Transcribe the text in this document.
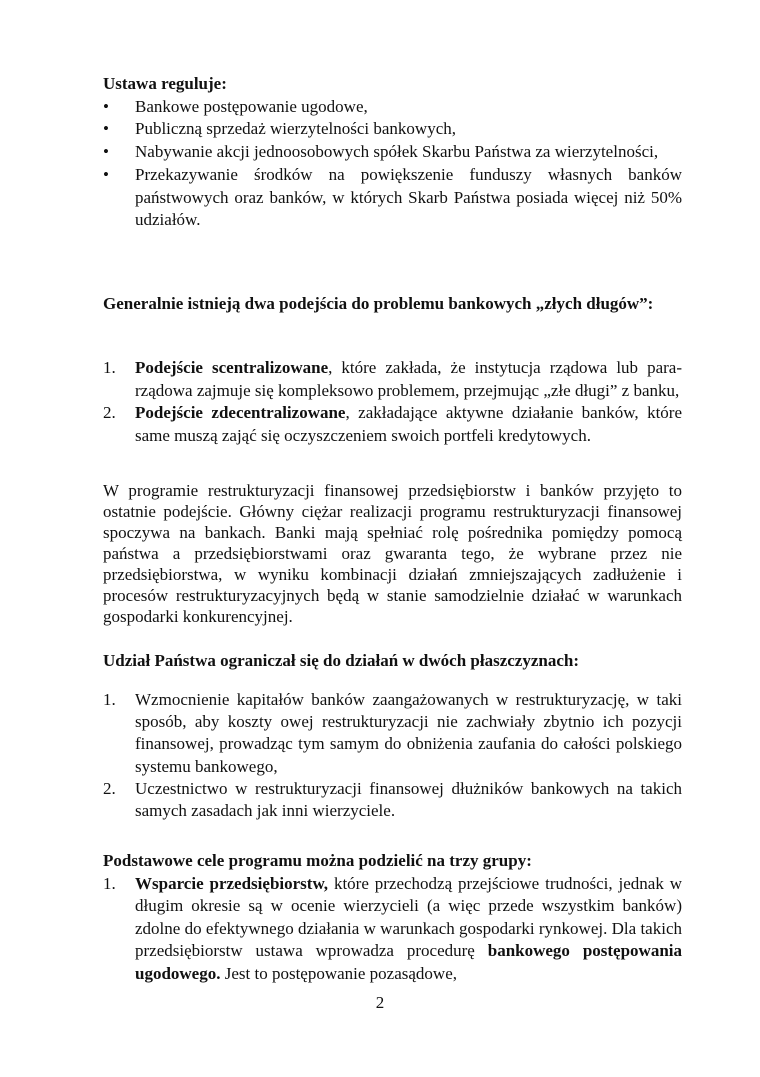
Ustawa reguluje:

• Bankowe postępowanie ugodowe,
• Publiczną sprzedaż wierzytelności bankowych,
• Nabywanie akcji jednoosobowych spółek Skarbu Państwa za wierzytelności,
• Przekazywanie środków na powiększenie funduszy własnych banków państwowych oraz banków, w których Skarb Państwa posiada więcej niż 50% udziałów.
Generalnie istnieją dwa podejścia do problemu bankowych „złych długów”:
1. Podejście scentralizowane, które zakłada, że instytucja rządowa lub para-rządowa zajmuje się kompleksowo problemem, przejmując „złe długi” z banku,
2. Podejście zdecentralizowane, zakładające aktywne działanie banków, które same muszą zająć się oczyszczeniem swoich portfeli kredytowych.

W programie restrukturyzacji finansowej przedsiębiorstw i banków przyjęto to ostatnie podejście. Główny ciężar realizacji programu restrukturyzacji finansowej spoczywa na bankach. Banki mają spełniać rolę pośrednika pomiędzy pomocą państwa a przedsiębiorstwami oraz gwaranta tego, że wybrane przez nie przedsiębiorstwa, w wyniku kombinacji działań zmniejszających zadłużenie i procesów restrukturyzacyjnych będą w stanie samodzielnie działać w warunkach gospodarki konkurencyjnej.

Udział Państwa ograniczał się do działań w dwóch płaszczyznach:
1. Wzmocnienie kapitałów banków zaangażowanych w restrukturyzację, w taki sposób, aby koszty owej restrukturyzacji nie zachwiały zbytnio ich pozycji finansowej, prowadząc tym samym do obniżenia zaufania do całości polskiego systemu bankowego,
2. Uczestnictwo w restrukturyzacji finansowej dłużników bankowych na takich samych zasadach jak inni wierzyciele.

Podstawowe cele programu można podzielić na trzy grupy:

1. Wsparcie przedsiębiorstw, które przechodzą przejściowe trudności, jednak w długim okresie są w ocenie wierzycieli (a więc przede wszystkim banków) zdolne do efektywnego działania w warunkach gospodarki rynkowej. Dla takich przedsiębiorstw ustawa wprowadza procedurę bankowego postępowania ugodowego. Jest to postępowanie pozasądowe,
2
